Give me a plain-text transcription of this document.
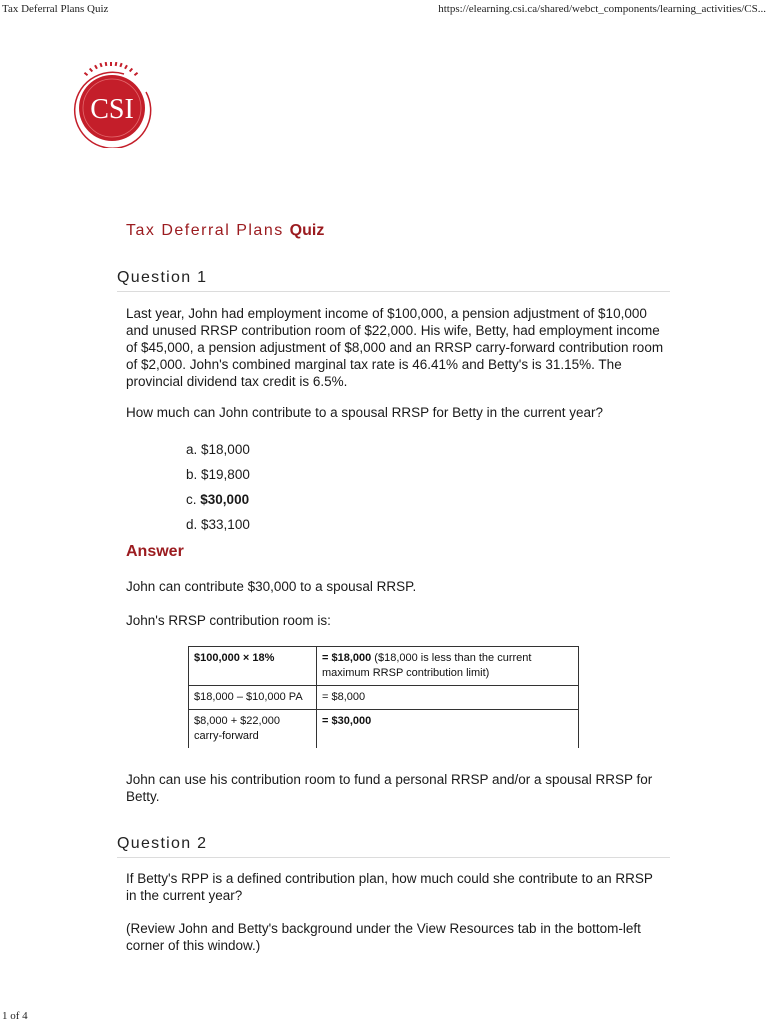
Tax Deferral Plans Quiz	https://elearning.csi.ca/shared/webct_components/learning_activities/CS...
CSI
Tax Deferral Plans Quiz
Question 1

Last year, John had employment income of $100,000, a pension adjustment of $10,000 and unused RRSP contribution room of $22,000. His wife, Betty, had employment income of $45,000, a pension adjustment of $8,000 and an RRSP carry-forward contribution room of $2,000. John's combined marginal tax rate is 46.41% and Betty's is 31.15%. The provincial dividend tax credit is 6.5%.

How much can John contribute to a spousal RRSP for Betty in the current year?

a. $18,000
b. $19,800
c. $30,000
d. $33,100
Answer

John can contribute $30,000 to a spousal RRSP.

John's RRSP contribution room is:

$100,000 × 18%	= $18,000 ($18,000 is less than the current maximum RRSP contribution limit)
$18,000 – $10,000 PA	= $8,000
$8,000 + $22,000 carry-forward	= $30,000

John can use his contribution room to fund a personal RRSP and/or a spousal RRSP for Betty.

Question 2

If Betty's RPP is a defined contribution plan, how much could she contribute to an RRSP in the current year?

(Review John and Betty's background under the View Resources tab in the bottom-left corner of this window.)

1 of 4
